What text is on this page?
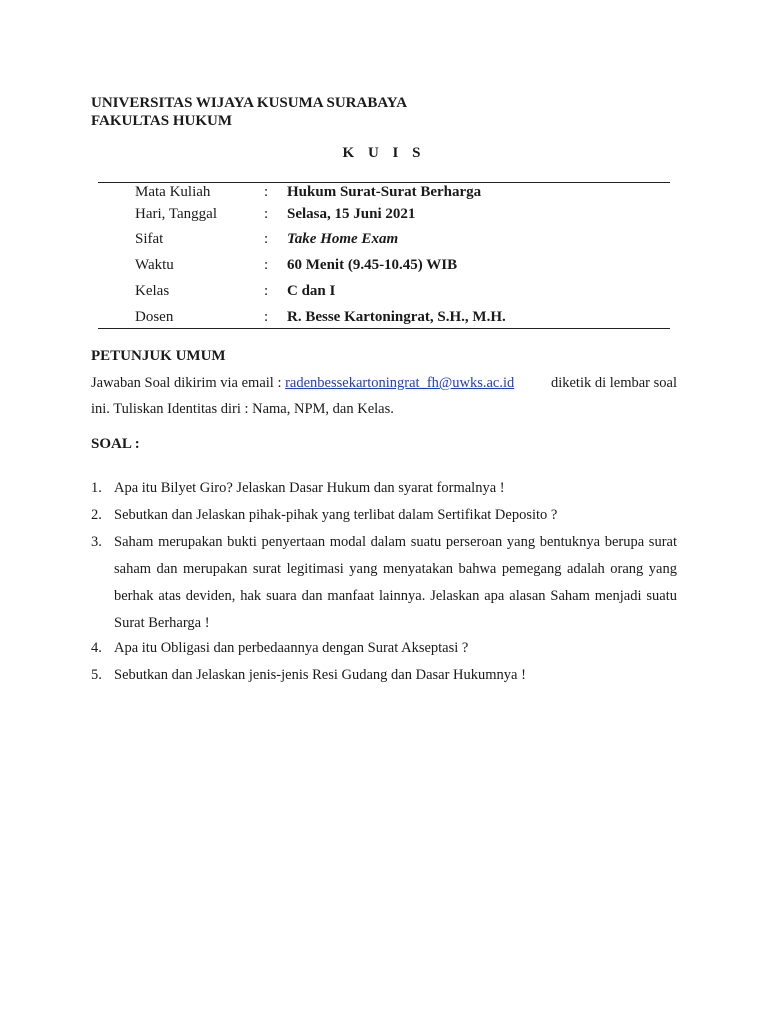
UNIVERSITAS WIJAYA KUSUMA SURABAYA
FAKULTAS HUKUM
K U I S
Mata Kuliah	: Hukum Surat-Surat Berharga
Hari, Tanggal	: Selasa, 15 Juni 2021
Sifat	: Take Home Exam
Waktu	: 60 Menit (9.45-10.45) WIB
Kelas	: C dan I
Dosen	: R. Besse Kartoningrat, S.H., M.H.
PETUNJUK UMUM
Jawaban Soal dikirim via email : radenbessekartoningrat_fh@uwks.ac.id	diketik di lembar soal
ini. Tuliskan Identitas diri : Nama, NPM, dan Kelas.
SOAL :
1. Apa itu Bilyet Giro? Jelaskan Dasar Hukum dan syarat formalnya !
2. Sebutkan dan Jelaskan pihak-pihak yang terlibat dalam Sertifikat Deposito ?
3. Saham merupakan bukti penyertaan modal dalam suatu perseroan yang bentuknya berupa surat saham dan merupakan surat legitimasi yang menyatakan bahwa pemegang adalah orang yang berhak atas deviden, hak suara dan manfaat lainnya. Jelaskan apa alasan Saham menjadi suatu Surat Berharga !
4. Apa itu Obligasi dan perbedaannya dengan Surat Akseptasi ?
5. Sebutkan dan Jelaskan jenis-jenis Resi Gudang dan Dasar Hukumnya !
